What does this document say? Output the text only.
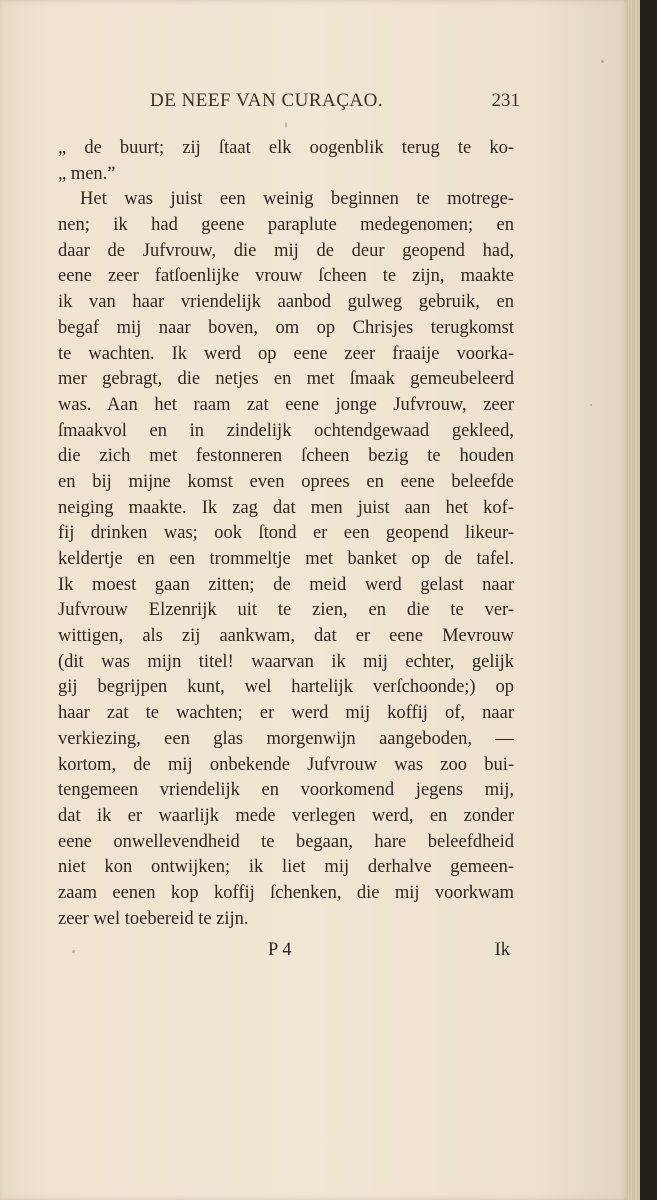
DE NEEF VAN CURAÇAO.	231
„ de buurt; zij ſtaat elk oogenblik terug te ko-
„ men.”
Het was juist een weinig beginnen te motrege-
nen; ik had geene paraplute medegenomen; en
daar de Jufvrouw, die mij de deur geopend had,
eene zeer fatſoenlijke vrouw ſcheen te zijn, maakte
ik van haar vriendelijk aanbod gulweg gebruik, en
begaf mij naar boven, om op Chrisjes terugkomst
te wachten. Ik werd op eene zeer fraaije voorka-
mer gebragt, die netjes en met ſmaak gemeubeleerd
was. Aan het raam zat eene jonge Jufvrouw, zeer
ſmaakvol en in zindelijk ochtendgewaad gekleed,
die zich met festonneren ſcheen bezig te houden
en bij mijne komst even oprees en eene beleefde
neiging maakte. Ik zag dat men juist aan het kof-
fij drinken was; ook ſtond er een geopend likeur-
keldertje en een trommeltje met banket op de tafel.
Ik moest gaan zitten; de meid werd gelast naar
Jufvrouw Elzenrijk uit te zien, en die te ver-
wittigen, als zij aankwam, dat er eene Mevrouw
(dit was mijn titel! waarvan ik mij echter, gelijk
gij begrijpen kunt, wel hartelijk verſchoonde;) op
haar zat te wachten; er werd mij koffij of, naar
verkiezing, een glas morgenwijn aangeboden, —
kortom, de mij onbekende Jufvrouw was zoo bui-
tengemeen vriendelijk en voorkomend jegens mij,
dat ik er waarlijk mede verlegen werd, en zonder
eene onwellevendheid te begaan, hare beleefdheid
niet kon ontwijken; ik liet mij derhalve gemeen-
zaam eenen kop koffij ſchenken, die mij voorkwam
zeer wel toebereid te zijn.
P 4	Ik
